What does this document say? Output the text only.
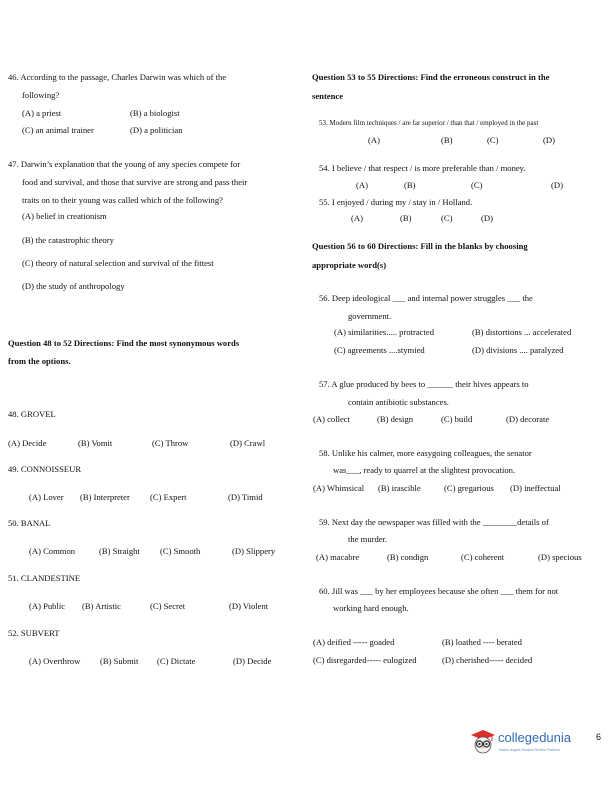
46. According to the passage, Charles Darwin was which of the
following?
(A) a priest	(B) a biologist
(C) an animal trainer	(D) a politician
47. Darwin’s explanation that the young of any species compete for
food and survival, and those that survive are strong and pass their
traits on to their young was called which of the following?
(A) belief in creationism
(B) the catastrophic theory
(C) theory of natural selection and survival of the fittest
(D) the study of anthropology
Question 48 to 52 Directions: Find the most synonymous words
from the options.
48. GROVEL
(A) Decide	(B) Vomit	(C) Throw	(D) Crawl
49. CONNOISSEUR
(A) Lover (B) Interpreter (C) Expert	(D) Timid
50. BANAL
(A) Common	(B) Straight (C) Smooth	(D) Slippery
51. CLANDESTINE
(A) Public (B) Artistic	(C) Secret	(D) Violent
52. SUBVERT
(A) Overthrow (B) Submit (C) Dictate	(D) Decide
Question 53 to 55 Directions: Find the erroneous construct in the
sentence
53. Modern film techniques / are far superior / than that / employed in the past
(A)	(B)	(C)	(D)
54. I believe / that respect / is more preferable than / money.
(A)	(B)	(C)	(D)
55. I enjoyed / during my / stay in / Holland.
(A)	(B)	(C)	(D)
Question 56 to 60 Directions: Fill in the blanks by choosing
appropriate word(s)
56. Deep ideological ___ and internal power struggles ___ the
government.
(A) similarities..... protracted	(B) distortions ... accelerated
(C) agreements ....stymied	(D) divisions .... paralyzed
57. A glue produced by bees to ______ their hives appears to
contain antibiotic substances.
(A) collect	(B) design	(C) build	(D) decorate
58. Unlike his calmer, more easygoing colleagues, the senator
was___, ready to quarrel at the slightest provocation.
(A) Whimsical (B) irascible	(C) gregarious (D) ineffectual
59. Next day the newspaper was filled with the ________details of
the murder.
(A) macabre	(B) condign	(C) coherent	(D) specious
60. Jill was ___ by her employees because she often ___ them for not
working hard enough.
(A) deified ----- goaded	(B) loathed ---- berated
(C) disregarded----- eulogized	(D) cherished----- decided
collegedunia
India's largest Student Review Platform
6
